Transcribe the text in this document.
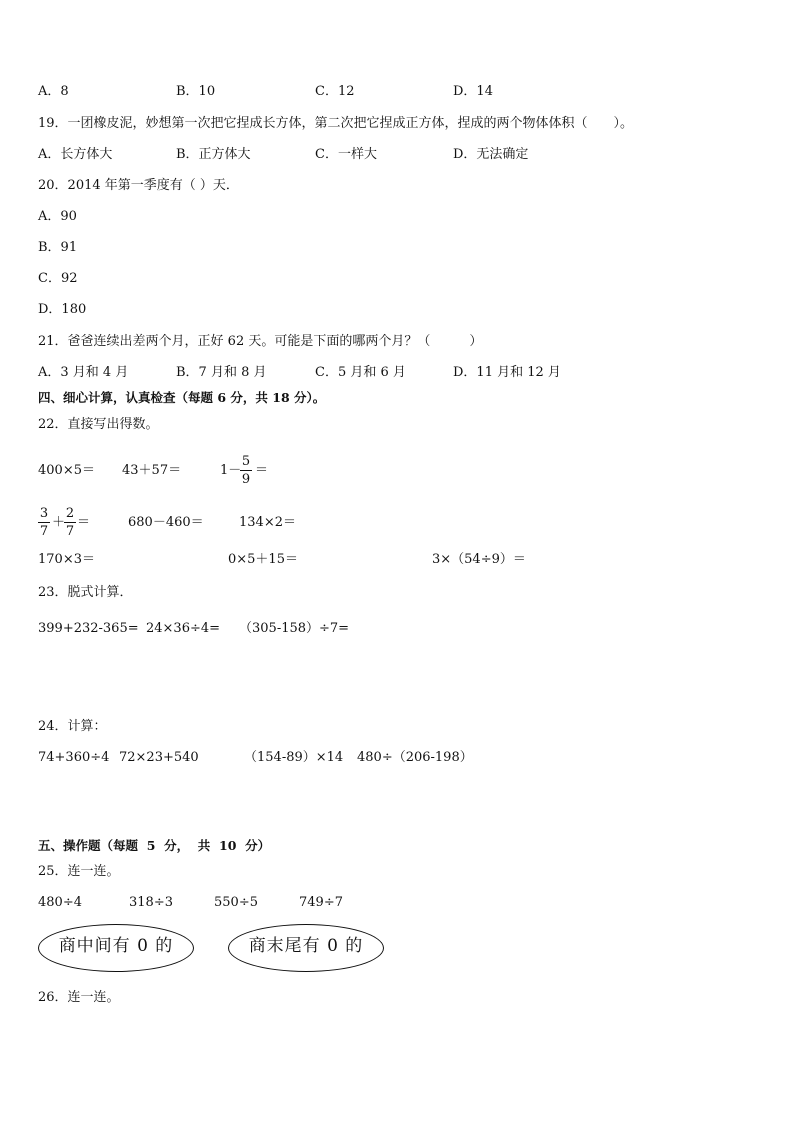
A．8	B．10	C．12	D．14
19．一团橡皮泥，妙想第一次把它捏成长方体，第二次把它捏成正方体，捏成的两个物体体积（　　）。
A．长方体大	B．正方体大	C．一样大	D．无法确定
20．2014 年第一季度有（ ）天．
A．90
B．91
C．92
D．180
21．爸爸连续出差两个月，正好 62 天。可能是下面的哪两个月？（　　　）
A．3 月和 4 月	B．7 月和 8 月	C．5 月和 6 月	D．11 月和 12 月
四、细心计算，认真检查（每题 6 分，共 18 分）。
22．直接写出得数。
400×5＝ 43＋57＝	1－
5
9
＝
3
7
＋
2
7
＝	680－460＝	134×2＝
170×3＝	0×5＋15＝	3×（54÷9）＝
23．脱式计算．
399+232-365= 24×36÷4= （305-158）÷7=
24．计算：
74+360÷4 72×23+540	（154-89）×14 480÷（206-198）
五、操作题（每题  5  分，  共  10  分）
25．连一连。
480÷4	318÷3	550÷5	749÷7
商中间有 0 的	商末尾有 0 的
26．连一连。
